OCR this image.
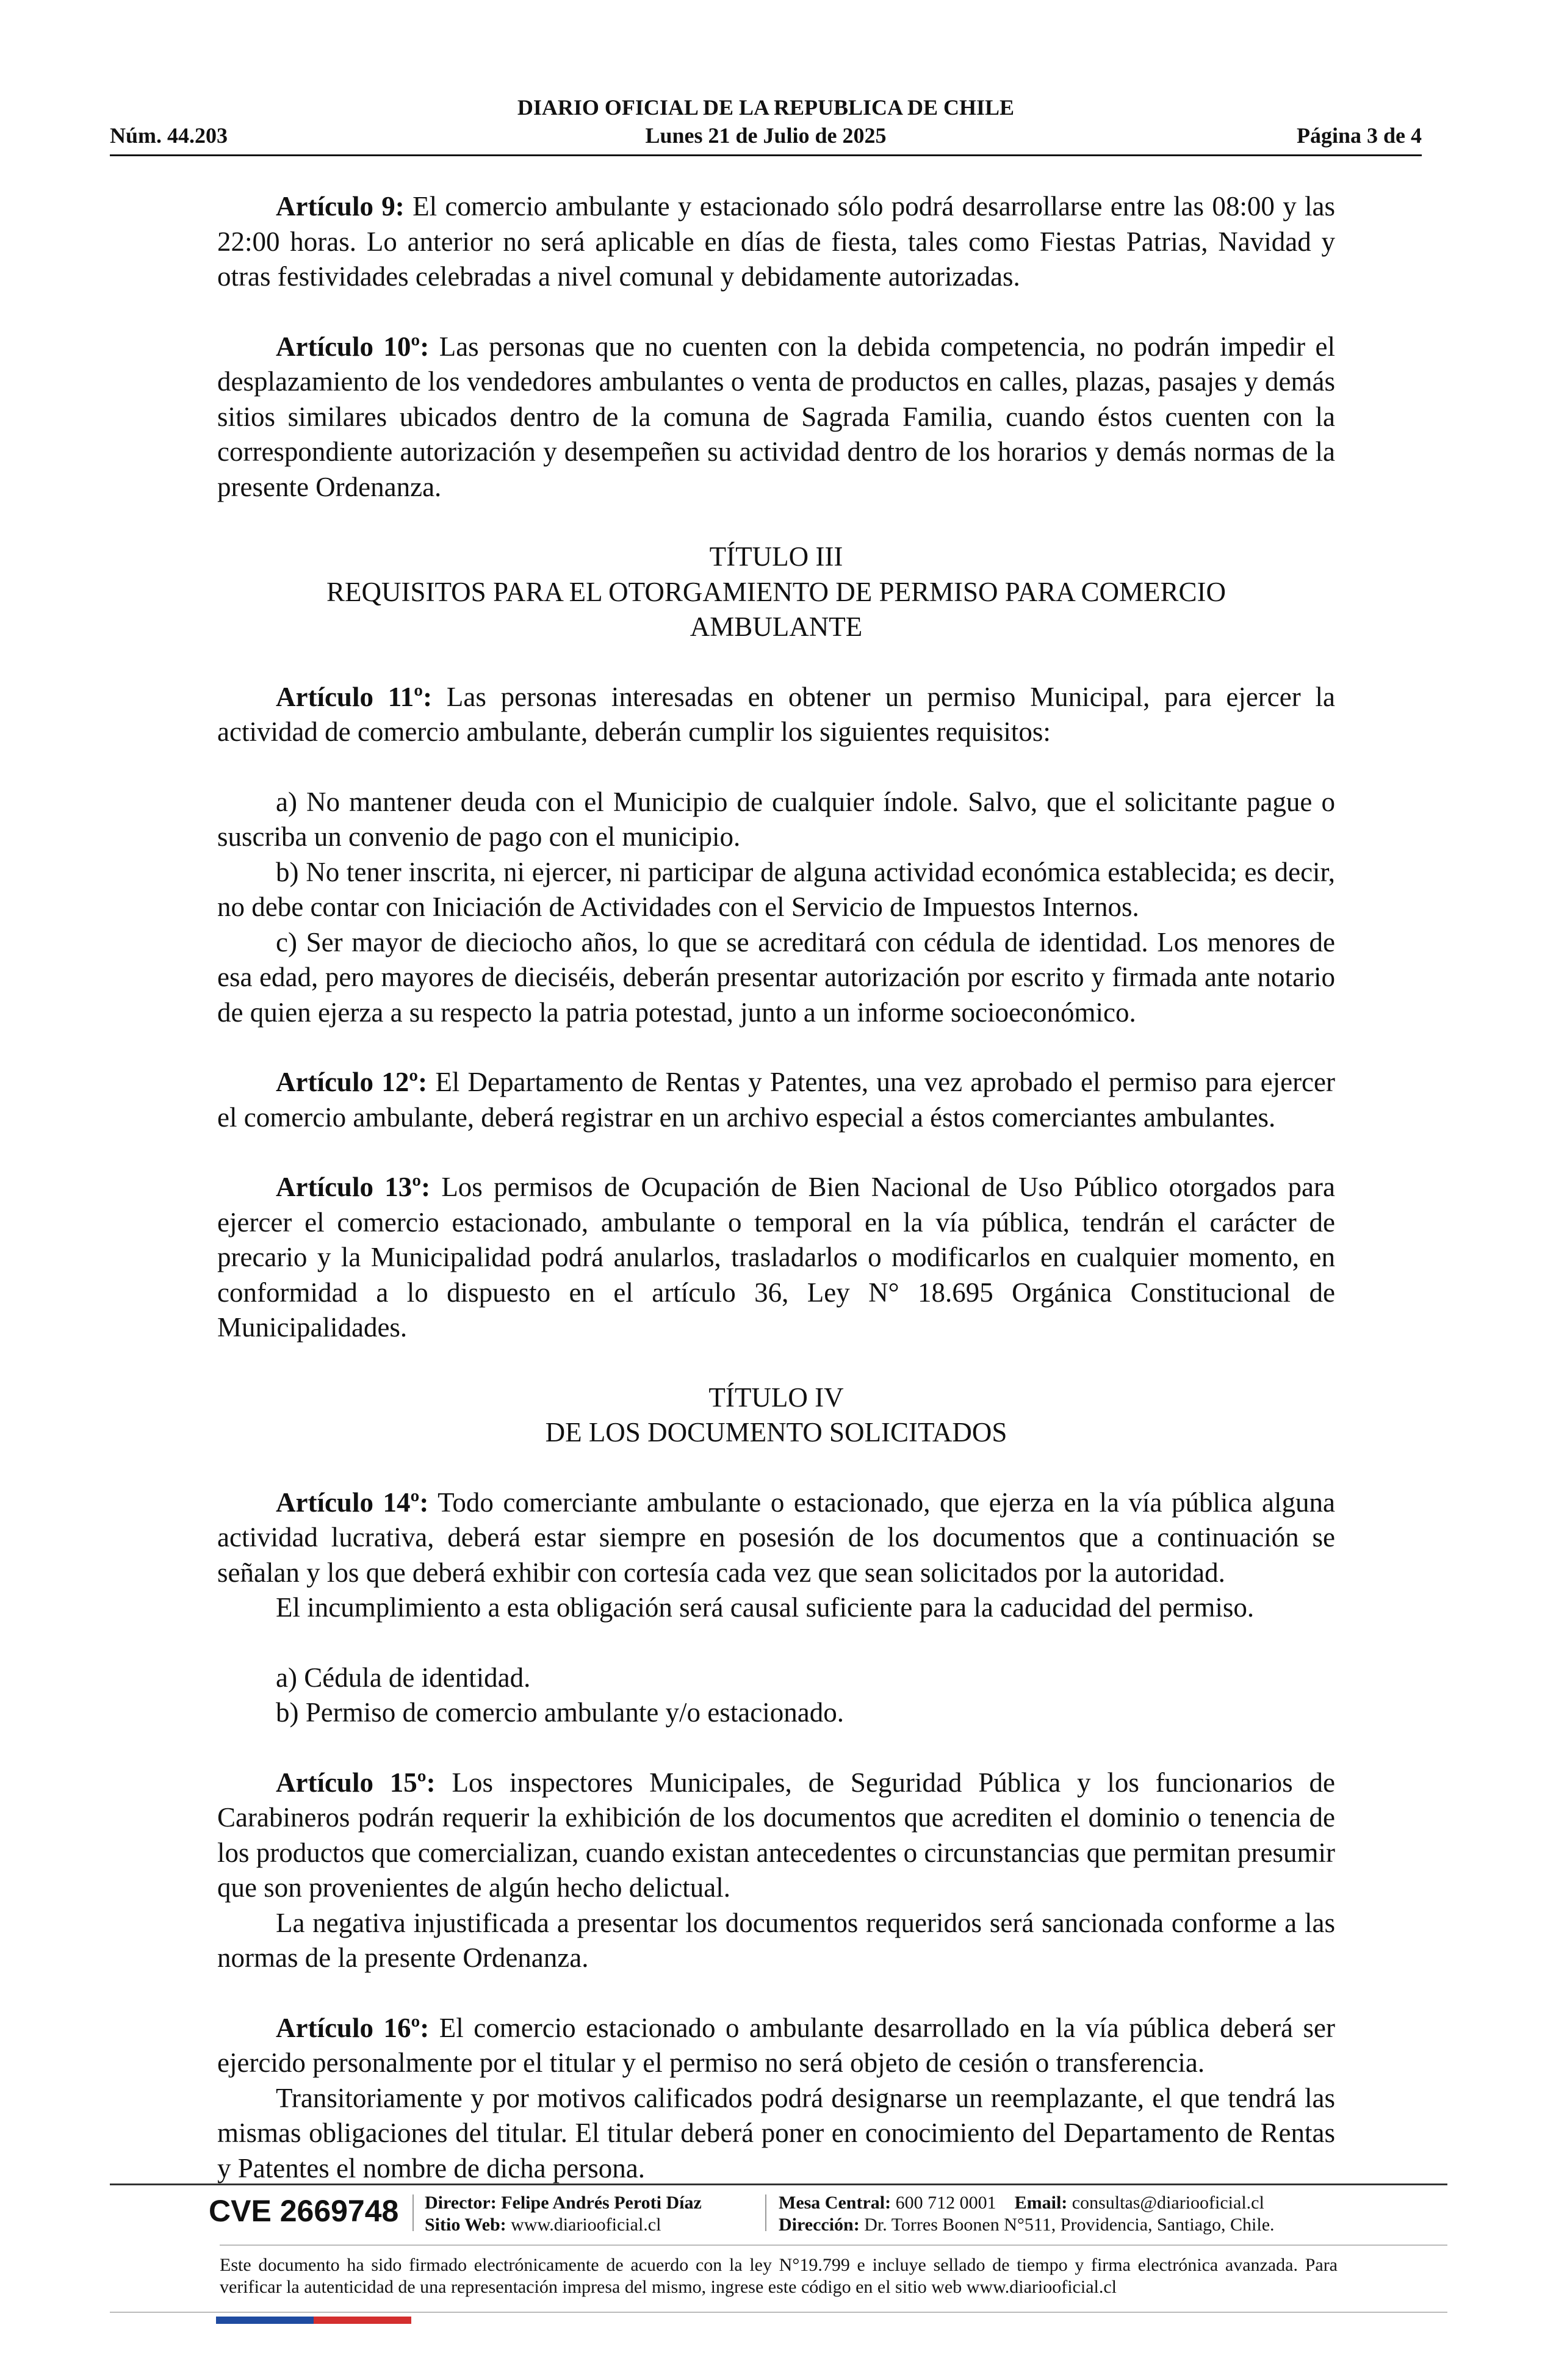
DIARIO OFICIAL DE LA REPUBLICA DE CHILE
Núm. 44.203	Lunes 21 de Julio de 2025	Página 3 de 4

Artículo 9: El comercio ambulante y estacionado sólo podrá desarrollarse entre las 08:00 y las 22:00 horas. Lo anterior no será aplicable en días de fiesta, tales como Fiestas Patrias, Navidad y otras festividades celebradas a nivel comunal y debidamente autorizadas.

Artículo 10º: Las personas que no cuenten con la debida competencia, no podrán impedir el desplazamiento de los vendedores ambulantes o venta de productos en calles, plazas, pasajes y demás sitios similares ubicados dentro de la comuna de Sagrada Familia, cuando éstos cuenten con la correspondiente autorización y desempeñen su actividad dentro de los horarios y demás normas de la presente Ordenanza.

TÍTULO III
REQUISITOS PARA EL OTORGAMIENTO DE PERMISO PARA COMERCIO
AMBULANTE

Artículo 11º: Las personas interesadas en obtener un permiso Municipal, para ejercer la actividad de comercio ambulante, deberán cumplir los siguientes requisitos:

a) No mantener deuda con el Municipio de cualquier índole. Salvo, que el solicitante pague o suscriba un convenio de pago con el municipio.

b) No tener inscrita, ni ejercer, ni participar de alguna actividad económica establecida; es decir, no debe contar con Iniciación de Actividades con el Servicio de Impuestos Internos.

c) Ser mayor de dieciocho años, lo que se acreditará con cédula de identidad. Los menores de esa edad, pero mayores de dieciséis, deberán presentar autorización por escrito y firmada ante notario de quien ejerza a su respecto la patria potestad, junto a un informe socioeconómico.

Artículo 12º: El Departamento de Rentas y Patentes, una vez aprobado el permiso para ejercer el comercio ambulante, deberá registrar en un archivo especial a éstos comerciantes ambulantes.

Artículo 13º: Los permisos de Ocupación de Bien Nacional de Uso Público otorgados para ejercer el comercio estacionado, ambulante o temporal en la vía pública, tendrán el carácter de precario y la Municipalidad podrá anularlos, trasladarlos o modificarlos en cualquier momento, en conformidad a lo dispuesto en el artículo 36, Ley N° 18.695 Orgánica Constitucional de Municipalidades.

TÍTULO IV
DE LOS DOCUMENTO SOLICITADOS

Artículo 14º: Todo comerciante ambulante o estacionado, que ejerza en la vía pública alguna actividad lucrativa, deberá estar siempre en posesión de los documentos que a continuación se señalan y los que deberá exhibir con cortesía cada vez que sean solicitados por la autoridad.

El incumplimiento a esta obligación será causal suficiente para la caducidad del permiso.

a) Cédula de identidad.

b) Permiso de comercio ambulante y/o estacionado.

Artículo 15º: Los inspectores Municipales, de Seguridad Pública y los funcionarios de Carabineros podrán requerir la exhibición de los documentos que acrediten el dominio o tenencia de los productos que comercializan, cuando existan antecedentes o circunstancias que permitan presumir que son provenientes de algún hecho delictual.

La negativa injustificada a presentar los documentos requeridos será sancionada conforme a las normas de la presente Ordenanza.

Artículo 16º: El comercio estacionado o ambulante desarrollado en la vía pública deberá ser ejercido personalmente por el titular y el permiso no será objeto de cesión o transferencia.

Transitoriamente y por motivos calificados podrá designarse un reemplazante, el que tendrá las mismas obligaciones del titular. El titular deberá poner en conocimiento del Departamento de Rentas y Patentes el nombre de dicha persona.

CVE 2669748 Director: Felipe Andrés Peroti Díaz
Sitio Web: www.diariooficial.cl
Mesa Central: 600 712 0001 Email: consultas@diariooficial.cl
Dirección: Dr. Torres Boonen N°511, Providencia, Santiago, Chile.
Este documento ha sido firmado electrónicamente de acuerdo con la ley N°19.799 e incluye sellado de tiempo y firma electrónica avanzada. Para verificar la autenticidad de una representación impresa del mismo, ingrese este código en el sitio web www.diariooficial.cl
